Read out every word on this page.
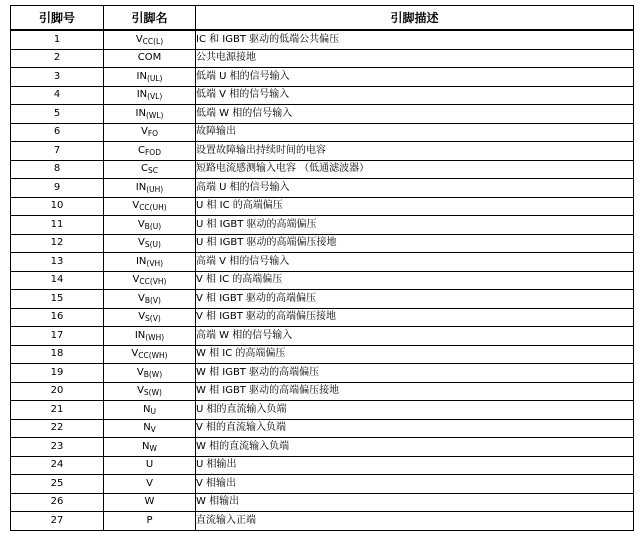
引脚号	引脚名	引脚描述
1	$V_{CC(L)}$	IC 和 IGBT 驱动的低端公共偏压
2	COM	公共电源接地
3	$IN_{(UL)}$	低端 U 相的信号输入
4	$IN_{(VL)}$	低端 V 相的信号输入
5	$IN_{(WL)}$	低端 W 相的信号输入
6	$V_{FO}$	故障输出
7	$C_{FOD}$	设置故障输出持续时间的电容
8	$C_{SC}$	短路电流感测输入电容 （低通滤波器）
9	$IN_{(UH)}$	高端 U 相的信号输入
10	$V_{CC(UH)}$	U 相 IC 的高端偏压
11	$V_{B(U)}$	U 相 IGBT 驱动的高端偏压
12	$V_{S(U)}$	U 相 IGBT 驱动的高端偏压接地
13	$IN_{(VH)}$	高端 V 相的信号输入
14	$V_{CC(VH)}$	V 相 IC 的高端偏压
15	$V_{B(V)}$	V 相 IGBT 驱动的高端偏压
16	$V_{S(V)}$	V 相 IGBT 驱动的高端偏压接地
17	$IN_{(WH)}$	高端 W 相的信号输入
18	$V_{CC(WH)}$	W 相 IC 的高端偏压
19	$V_{B(W)}$	W 相 IGBT 驱动的高端偏压
20	$V_{S(W)}$	W 相 IGBT 驱动的高端偏压接地
21	$N_U$	U 相的直流输入负端
22	$N_V$	V 相的直流输入负端
23	$N_W$	W 相的直流输入负端
24	U	U 相输出
25	V	V 相输出
26	W	W 相输出
27	P	直流输入正端
